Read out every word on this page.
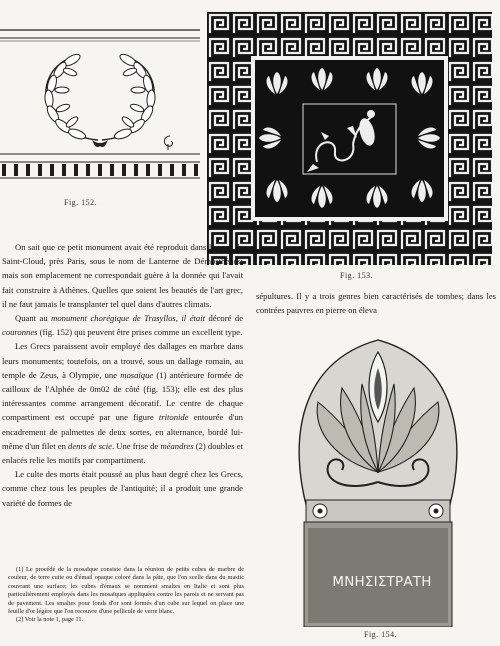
Fig. 152.
Fig. 153.

On sait que ce petit monument avait été reproduit dans le parc de Saint-Cloud, près Paris, sous le nom de Lanterne de Démosthènes; mais son emplacement ne correspondait guère à la donnée qui l'avait fait construire à Athènes. Quelles que soient les beautés de l'art grec, il ne faut jamais le transplanter tel quel dans d'autres climats.

Quant au monument chorégique de Trasyllos, il était décoré de couronnes (fig. 152) qui peuvent être prises comme un excellent type.

Les Grecs paraissent avoir employé des dallages en marbre dans leurs monuments; toutefois, on a trouvé, sous un dallage romain, au temple de Zeus, à Olympie, une mosaïque (1) antérieure formée de cailloux de l'Alphée de 0m02 de côté (fig. 153); elle est des plus intéressantes comme arrangement décoratif. Le centre de chaque compartiment est occupé par une figure tritonide entourée d'un encadrement de palmettes de deux sortes, en alternance, bordé lui-même d'un filet en dents de scie. Une frise de méandres (2) doubles et enlacés relie les motifs par compartiment.

Le culte des morts était poussé au plus haut degré chez les Grecs, comme chez tous les peuples de l'antiquité; il a produit une grande variété de formes de

(1) Le procédé de la mosaïque consiste dans la réunion de petits cubes de marbre de couleur, de terre cuite ou d'émail opaque coloré dans la pâte, que l'on scelle dans du mastic couvrant une surface; les cubes d'émaux se nomment smaltes en Italie et sont plus particulièrement employés dans les mosaïques appliquées contre les parois et ne servant pas de pavement. Les smaltes pour fonds d'or sont formés d'un cube sur lequel on place une feuille d'or légère que l'on recouvre d'une pellicule de verre blanc.

(2) Voir la note 1, page 11.

sépultures. Il y a trois genres bien caractérisés de tombes; dans les contrées pauvres en pierre on éleva

ΜΝΗΣΙΣΤΡΑΤΗ
Fig. 154.
